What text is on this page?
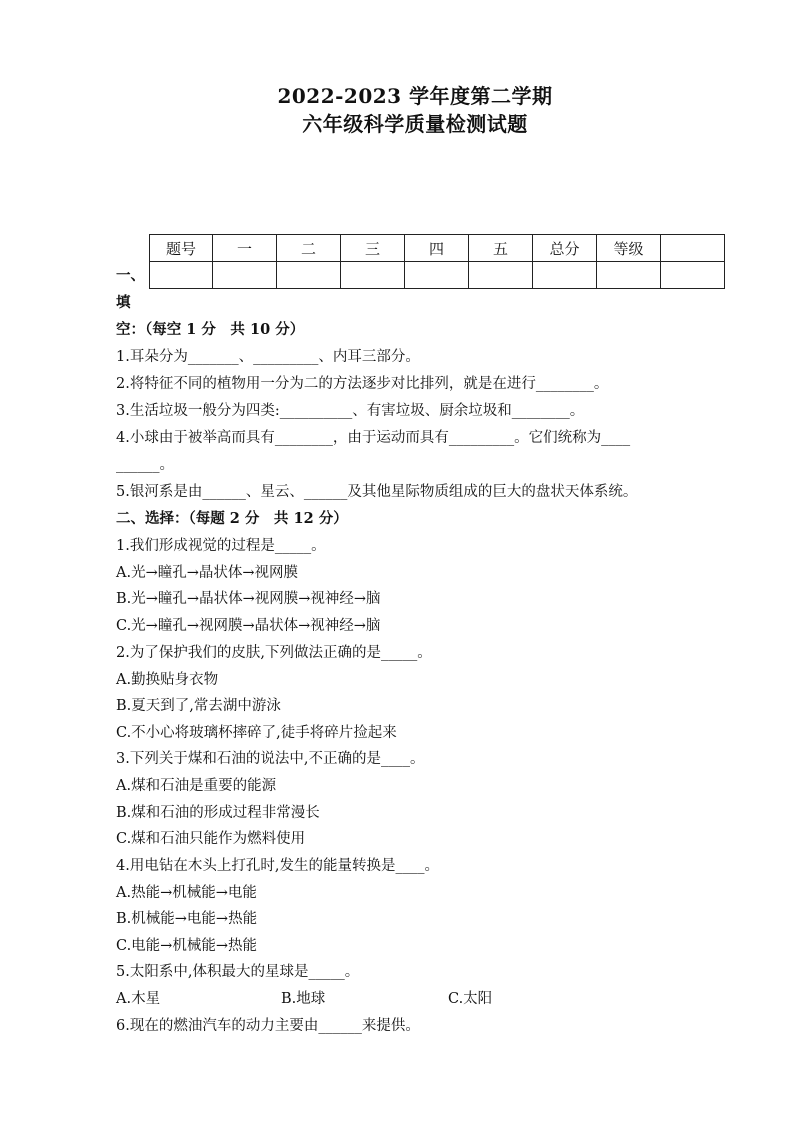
2022-2023 学年度第二学期
六年级科学质量检测试题
题号	一	二	三	四	五	总分	等级	

一、
填
空：（每空 1 分　共 10 分）
1.耳朵分为_______、_________、内耳三部分。
2.将特征不同的植物用一分为二的方法逐步对比排列，就是在进行________。
3.生活垃圾一般分为四类:__________、有害垃圾、厨余垃圾和________。
4.小球由于被举高而具有________，由于运动而具有_________。它们统称为____
______。
5.银河系是由______、星云、______及其他星际物质组成的巨大的盘状天体系统。
二、选择：（每题 2 分　共 12 分）
1.我们形成视觉的过程是_____。
A.光→瞳孔→晶状体→视网膜
B.光→瞳孔→晶状体→视网膜→视神经→脑
C.光→瞳孔→视网膜→晶状体→视神经→脑
2.为了保护我们的皮肤,下列做法正确的是_____。
A.勤换贴身衣物
B.夏天到了,常去湖中游泳
C.不小心将玻璃杯摔碎了,徒手将碎片捡起来
3.下列关于煤和石油的说法中,不正确的是____。
A.煤和石油是重要的能源
B.煤和石油的形成过程非常漫长
C.煤和石油只能作为燃料使用
4.用电钻在木头上打孔时,发生的能量转换是____。
A.热能→机械能→电能
B.机械能→电能→热能
C.电能→机械能→热能
5.太阳系中,体积最大的星球是_____。
A.木星	B.地球	C.太阳
6.现在的燃油汽车的动力主要由______来提供。
